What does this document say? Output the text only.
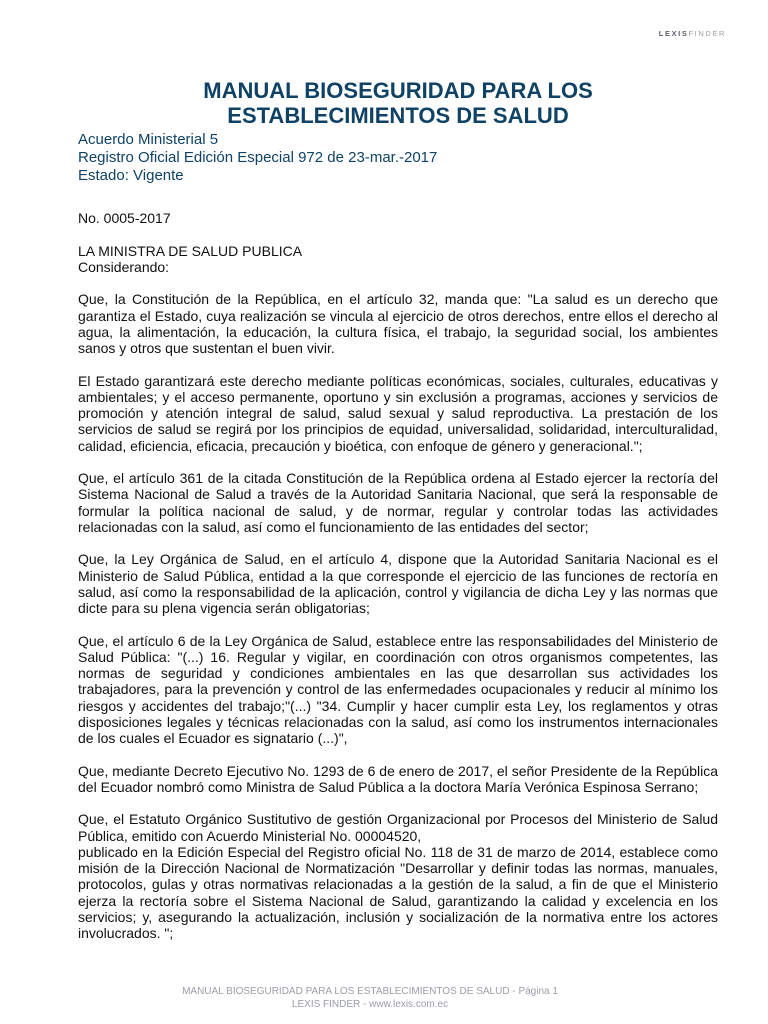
LEXISFINDER
MANUAL BIOSEGURIDAD PARA LOS
ESTABLECIMIENTOS DE SALUD
Acuerdo Ministerial 5
Registro Oficial Edición Especial 972 de 23-mar.-2017
Estado: Vigente

No. 0005-2017

LA MINISTRA DE SALUD PUBLICA
Considerando:

Que, la Constitución de la República, en el artículo 32, manda que: "La salud es un derecho que garantiza el Estado, cuya realización se vincula al ejercicio de otros derechos, entre ellos el derecho al agua, la alimentación, la educación, la cultura física, el trabajo, la seguridad social, los ambientes sanos y otros que sustentan el buen vivir.

El Estado garantizará este derecho mediante políticas económicas, sociales, culturales, educativas y ambientales; y el acceso permanente, oportuno y sin exclusión a programas, acciones y servicios de promoción y atención integral de salud, salud sexual y salud reproductiva. La prestación de los servicios de salud se regirá por los principios de equidad, universalidad, solidaridad, interculturalidad, calidad, eficiencia, eficacia, precaución y bioética, con enfoque de género y generacional.";

Que, el artículo 361 de la citada Constitución de la República ordena al Estado ejercer la rectoría del Sistema Nacional de Salud a través de la Autoridad Sanitaria Nacional, que será la responsable de formular la política nacional de salud, y de normar, regular y controlar todas las actividades relacionadas con la salud, así como el funcionamiento de las entidades del sector;

Que, la Ley Orgánica de Salud, en el artículo 4, dispone que la Autoridad Sanitaria Nacional es el Ministerio de Salud Pública, entidad a la que corresponde el ejercicio de las funciones de rectoría en salud, así como la responsabilidad de la aplicación, control y vigilancia de dicha Ley y las normas que dicte para su plena vigencia serán obligatorias;

Que, el artículo 6 de la Ley Orgánica de Salud, establece entre las responsabilidades del Ministerio de Salud Pública: "(...) 16. Regular y vigilar, en coordinación con otros organismos competentes, las normas de seguridad y condiciones ambientales en las que desarrollan sus actividades los trabajadores, para la prevención y control de las enfermedades ocupacionales y reducir al mínimo los riesgos y accidentes del trabajo;"(...) "34. Cumplir y hacer cumplir esta Ley, los reglamentos y otras disposiciones legales y técnicas relacionadas con la salud, así como los instrumentos internacionales de los cuales el Ecuador es signatario (...)",

Que, mediante Decreto Ejecutivo No. 1293 de 6 de enero de 2017, el señor Presidente de la República del Ecuador nombró como Ministra de Salud Pública a la doctora María Verónica Espinosa Serrano;

Que, el Estatuto Orgánico Sustitutivo de gestión Organizacional por Procesos del Ministerio de Salud Pública, emitido con Acuerdo Ministerial No. 00004520,
publicado en la Edición Especial del Registro oficial No. 118 de 31 de marzo de 2014, establece como misión de la Dirección Nacional de Normatización "Desarrollar y definir todas las normas, manuales, protocolos, gulas y otras normativas relacionadas a la gestión de la salud, a fin de que el Ministerio ejerza la rectoría sobre el Sistema Nacional de Salud, garantizando la calidad y excelencia en los servicios; y, asegurando la actualización, inclusión y socialización de la normativa entre los actores involucrados. ";

MANUAL BIOSEGURIDAD PARA LOS ESTABLECIMIENTOS DE SALUD - Página 1
LEXIS FINDER - www.lexis.com.ec
